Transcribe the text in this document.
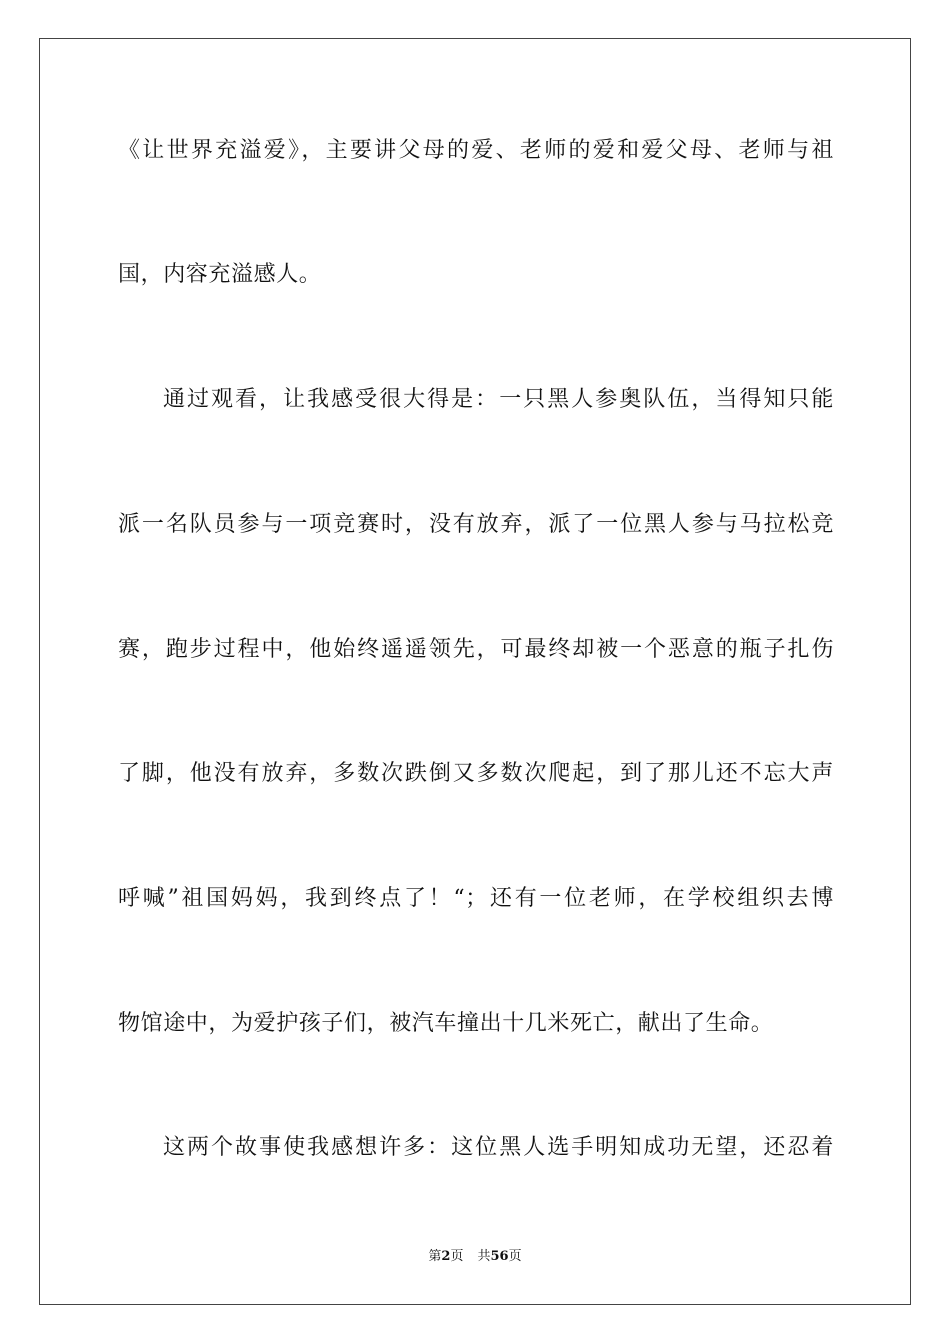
《让世界充溢爱》，主要讲父母的爱、老师的爱和爱父母、老师与祖
国，内容充溢感人。
通过观看，让我感受很大得是：一只黑人参奥队伍，当得知只能
派一名队员参与一项竞赛时，没有放弃，派了一位黑人参与马拉松竞
赛，跑步过程中，他始终遥遥领先，可最终却被一个恶意的瓶子扎伤
了脚，他没有放弃，多数次跌倒又多数次爬起，到了那儿还不忘大声
呼喊”祖国妈妈，我到终点了！“；还有一位老师，在学校组织去博
物馆途中，为爱护孩子们，被汽车撞出十几米死亡，献出了生命。
这两个故事使我感想许多：这位黑人选手明知成功无望，还忍着
第2页 共56页
